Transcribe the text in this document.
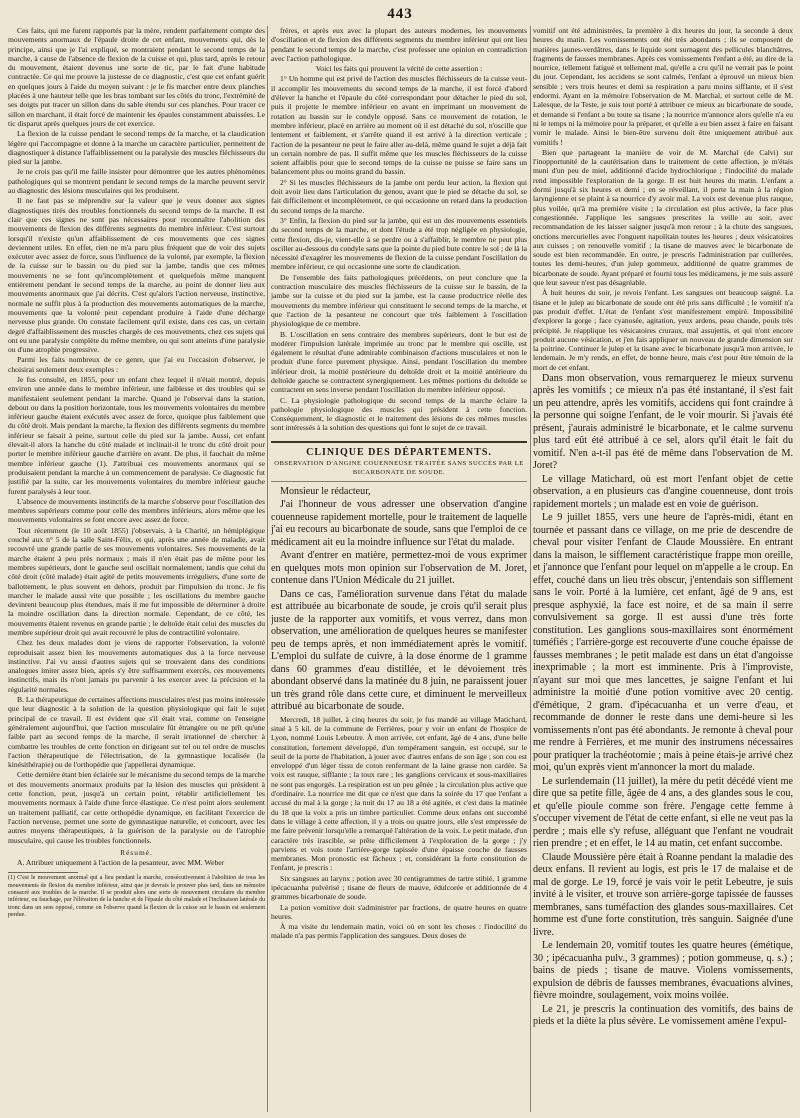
443

Ces faits, qui me furent rapportés par la mère, rendent parfaitement compte des mouvements anormaux de l'épaule droite de cet enfant, mouvements qui, dès le principe, ainsi que je l'ai expliqué, se montraient pendant le second temps de la marche, à cause de l'absence de flexion de la cuisse et qui, plus tard, après le retour du mouvement, étaient devenus une sorte de tic, par le fait d'une habitude contractée. Ce qui me prouve la justesse de ce diagnostic, c'est que cet enfant guérit en quelques jours à l'aide du moyen suivant : je le fis marcher entre deux planches placées à une hauteur telle que les bras tombant sur les côtés du tronc, l'extrémité de ses doigts put tracer un sillon dans du sable étendu sur ces planches. Pour tracer ce sillon en marchant, il était forcé de maintenir les épaules constamment abaissées. Le tic disparut après quelques jours de cet exercice.

La flexion de la cuisse pendant le second temps de la marche, et la claudication légère qui l'accompagne et donne à la marche un caractère particulier, permettent de diagnostiquer à distance l'affaiblissement ou la paralysie des muscles fléchisseurs du pied sur la jambe.

Je ne crois pas qu'il me faille insister pour démontrer que les autres phénomènes pathologiques qui se montrent pendant le second temps de la marche peuvent servir au diagnostic des lésions musculaires qui les produisent.

Il ne faut pas se méprendre sur la valeur que je veux donner aux signes diagnostiques tirés des troubles fonctionnels du second temps de la marche. Il est clair que ces signes ne sont pas nécessaires pour reconnaître l'abolition des mouvements de flexion des différents segments du membre inférieur. C'est surtout lorsqu'il n'existe qu'un affaiblissement de ces mouvements que ces signes deviennent utiles. En effet, rien ne m'a paru plus fréquent que de voir des sujets exécuter avec assez de force, sous l'influence de la volonté, par exemple, la flexion de la cuisse sur le bassin ou du pied sur la jambe, tandis que ces mêmes mouvements ne se font qu'incomplètement et quelquefois même manquent entièrement pendant le second temps de la marche, au point de donner lieu aux mouvements anormaux que j'ai décrits. C'est qu'alors l'action nerveuse, instinctive, normale ne suffit plus à la production des mouvements automatiques de la marche, mouvements que la volonté peut cependant produire à l'aide d'une décharge nerveuse plus grande. On constate facilement qu'il existe, dans ces cas, un certain degré d'affaiblissement des muscles chargés de ces mouvements, chez ces sujets qui ont eu une paralysie complète du même membre, ou qui sont atteints d'une paralysie ou d'une atrophie progressive.

Parmi les faits nombreux de ce genre, que j'ai eu l'occasion d'observer, je choisirai seulement deux exemples :

Je fus consulté, en 1855, pour un enfant chez lequel il n'était montré, depuis environ une année dans le membre inférieur, une faiblesse et des troubles qui se manifestaient seulement pendant la marche. Quand je l'observai dans la station, debout ou dans la position horizontale, tous les mouvements volontaires du membre inférieur gauche étaient exécutés avec assez de force, quoique plus faiblement que du côté droit. Mais pendant la marche, la flexion des différents segments du membre inférieur se faisait à peine, surtout celle du pied sur la jambe. Aussi, cet enfant élevait-il alors la hanche du côté malade et inclinait-il le tronc du côté droit pour porter le membre inférieur gauche d'arrière en avant. De plus, il fauchait du même membre inférieur gauche (1). J'attribuai ces mouvements anormaux qui se produisaient pendant la marche à un commencement de paralysie. Ce diagnostic fut justifié par la suite, car les mouvements volontaires du membre inférieur gauche furent paralysés à leur tour.

L'absence de mouvements instinctifs de la marche s'observe pour l'oscillation des membres supérieurs comme pour celle des membres inférieurs, alors même que les mouvements volontaires se font encore avec assez de force.

Tout récemment (le 10 août 1855) j'observais, à la Charité, un hémiplégique couché aux n° 5 de la salle Saint-Félix, et qui, après une année de maladie, avait recouvré une grande partie de ses mouvements volontaires. Ses mouvements de la marche étaient à peu près normaux ; mais il n'en était pas de même pour les membres supérieurs, dont le gauche seul oscillait normalement, tandis que celui du côté droit (côté malade) était agité de petits mouvements irréguliers, d'une sorte de ballottement, le plus souvent en dehors, produit par l'impulsion du tronc. Je fis marcher le malade aussi vite que possible ; les oscillations du membre gauche devinrent beaucoup plus étendues, mais il me fut impossible de déterminer à droite la moindre oscillation dans la direction normale. Cependant, de ce côté, les mouvements étaient revenus en grande partie ; le deltoïde était celui des muscles du membre supérieur droit qui avait recouvré le plus de contractilité volontaire.

Chez les deux malades dont je viens de rapporter l'observation, la volonté reproduisait assez bien les mouvements automatiques dus à la force nerveuse instinctive. J'ai vu aussi d'autres sujets qui se trouvaient dans des conditions analogues imiter assez bien, après s'y être suffisamment exercés, ces mouvements instinctifs, mais ils n'ont jamais pu parvenir à les exercer avec la précision et la régularité normales.

B. La thérapeutique de certaines affections musculaires n'est pas moins intéressée que leur diagnostic à la solution de la question physiologique qui fait le sujet principal de ce travail. Il est évident que s'il était vrai, comme on l'enseigne généralement aujourd'hui, que l'action musculaire fût étrangère ou ne prît qu'une faible part au second temps de la marche, il serait irrationnel de chercher à combattre les troubles de cette fonction en dirigeant sur tel ou tel ordre de muscles l'action thérapeutique de l'électrisation, de la gymnastique localisée (la kinésithérapie) ou de l'orthopédie que j'appellerai dynamique.

Cette dernière étant bien éclairée sur le mécanisme du second temps de la marche et des mouvements anormaux produits par la lésion des muscles qui président à cette fonction, peut, jusqu'à un certain point, rétablir artificiellement les mouvements normaux à l'aide d'une force élastique. Ce n'est point alors seulement un traitement palliatif, car cette orthopédie dynamique, en facilitant l'exercice de l'action nerveuse, permet une sorte de gymnastique naturelle, et concourt, avec les autres moyens thérapeutiques, à la guérison de la paralysie ou de l'atrophie musculaire, qui cause les troubles fonctionnels.

Résumé.

A. Attribuer uniquement à l'action de la pesanteur, avec MM. Weber

(1) C'est le mouvement anormal qui a lieu pendant la marche, consécutivement à l'abolition de tous les mouvements de flexion du membre inférieur, ainsi que je devrais le prouver plus tard, dans un mémoire consacré aux troubles de la marche. Il se produit alors une sorte de mouvement circulaire du membre inférieur, ou fauchage, par l'élévation de la hanche et de l'épaule du côté malade et l'inclinaison latérale du tronc dans un sens opposé, comme on l'observe quand la flexion de la cuisse sur le bassin est seulement perdue.

frères, et après eux avec la plupart des auteurs modernes, les mouvements d'oscillation et de flexion des différents segments du membre inférieur qui ont lieu pendant le second temps de la marche, c'est professer une opinion en contradiction avec l'action pathologique.

Voici les faits qui prouvent la vérité de cette assertion :

1° Un homme qui est privé de l'action des muscles fléchisseurs de la cuisse veut-il accomplir les mouvements du second temps de la marche, il est forcé d'abord d'élever la hanche et l'épaule du côté correspondant pour détacher le pied du sol, puis il projette le membre inférieur en avant en imprimant un mouvement de rotation au bassin sur le condyle opposé. Sans ce mouvement de rotation, le membre inférieur, placé en arrière au moment où il est détaché du sol, n'oscille que lentement et faiblement, et s'arrête quand il est arrivé à la direction verticale ; l'action de la pesanteur ne peut le faire aller au-delà, même quand le sujet a déjà fait un certain nombre de pas. Il suffit même que les muscles fléchisseurs de la cuisse soient affaiblis pour que le second temps de la cuisse ne puisse se faire sans un balancement plus ou moins grand du bassin.

2° Si les muscles fléchisseurs de la jambe ont perdu leur action, la flexion qui doit avoir lieu dans l'articulation du genou, avant que le pied se détache du sol, se fait difficilement et incomplètement, ce qui occasionne un retard dans la production du second temps de la marche.

3° Enfin, la flexion du pied sur la jambe, qui est un des mouvements essentiels du second temps de la marche, et dont l'étude a été trop négligée en physiologie, cette flexion, dis-je, vient-elle à se perdre ou à s'affaiblir, le membre ne peut plus osciller au-dessous du condyle sans que la pointe du pied bute contre le sol ; de là la nécessité d'exagérer les mouvements de flexion de la cuisse pendant l'oscillation du membre inférieur, ce qui occasionne une sorte de claudication.

De l'ensemble des faits pathologiques précédents, on peut conclure que la contraction musculaire des muscles fléchisseurs de la cuisse sur le bassin, de la jambe sur la cuisse et du pied sur la jambe, est la cause productrice réelle des mouvements du membre inférieur qui constituent le second temps de la marche, et que l'action de la pesanteur ne concourt que très faiblement à l'oscillation physiologique de ce membre.

B. L'oscillation en sens contraire des membres supérieurs, dont le but est de modérer l'impulsion latérale imprimée au tronc par le membre qui oscille, est également le résultat d'une admirable combinaison d'actions musculaires et non le produit d'une force purement physique. Ainsi, pendant l'oscillation du membre inférieur droit, la moitié postérieure du deltoïde droit et la moitié antérieure du deltoïde gauche se contractent synergiquement. Les mêmes portions du deltoïde se contractent en sens inverse pendant l'oscillation du membre inférieur opposé.

C. La physiologie pathologique du second temps de la marche éclaire la pathologie physiologique des muscles qui président à cette fonction. Conséquemment, le diagnostic et le traitement des lésions de ces mêmes muscles sont intéressés à la solution des questions qui font le sujet de ce travail.

CLINIQUE DES DÉPARTEMENTS.
OBSERVATION D'ANGINE COUENNEUSE TRAITÉE SANS SUCCÈS PAR LE BICARBONATE DE SOUDE.

Monsieur le rédacteur,

J'ai l'honneur de vous adresser une observation d'angine couenneuse rapidement mortelle, pour le traitement de laquelle j'ai eu recours au bicarbonate de soude, sans que l'emploi de ce médicament ait eu la moindre influence sur l'état du malade.

Avant d'entrer en matière, permettez-moi de vous exprimer en quelques mots mon opinion sur l'observation de M. Joret, contenue dans l'Union Médicale du 21 juillet.

Dans ce cas, l'amélioration survenue dans l'état du malade est attribuée au bicarbonate de soude, je crois qu'il serait plus juste de la rapporter aux vomitifs, et vous verrez, dans mon observation, une amélioration de quelques heures se manifester peu de temps après, et non immédiatement après le vomitif. L'emploi du sulfate de cuivre, à la dose énorme de 1 gramme dans 60 grammes d'eau distillée, et le dévoiement très abondant observé dans la matinée du 8 juin, ne paraissent jouer un très grand rôle dans cette cure, et diminuent le merveilleux attribué au bicarbonate de soude.

Mercredi, 18 juillet, à cinq heures du soir, je fus mandé au village Matichard, situé à 5 kil. de la commune de Ferrières, pour y voir un enfant de l'hospice de Lyon, nommé Louis Lebeutre. À mon arrivée, cet enfant, âgé de 4 ans, d'une belle constitution, fortement développé, d'un tempérament sanguin, est occupé, sur le seuil de la porte de l'habitation, à jouer avec d'autres enfans de son âge ; son cou est enveloppé d'un léger tissu de coton renfermant de la laine grasse non cardée. Sa voix est rauque, sifflante ; la toux rare ; les ganglions cervicaux et sous-maxillaires ne sont pas engorgés. La respiration est un peu gênée ; la circulation plus active que d'ordinaire. La nourrice me dit que ce n'est que dans la soirée du 17 que l'enfant a accusé du mal à la gorge ; la nuit du 17 au 18 a été agitée, et c'est dans la matinée du 18 que la voix a pris un timbre particulier. Comme deux enfans ont succombé dans le village à cette affection, il y a trois ou quatre jours, elle s'est empressée de me faire prévenir lorsqu'elle a remarqué l'altération de la voix. Le petit malade, d'un caractère très irascible, se prête difficilement à l'exploration de la gorge ; j'y parviens et vois toute l'arrière-gorge tapissée d'une épaisse couche de fausses membranes. Mon pronostic est fâcheux ; et, considérant la forte constitution de l'enfant, je prescris :

Six sangsues au larynx ; potion avec 30 centigrammes de tartre stibié, 1 gramme ipécacuanha pulvérisé ; tisane de fleurs de mauve, édulcorée et additionnée de 4 grammes bicarbonate de soude.

La potion vomitive doit s'administrer par fractions, de quatre heures en quatre heures.

À ma visite du lendemain matin, voici où en sont les choses : l'indocilité du malade n'a pas permis l'application des sangsues. Deux doses de

vomitif ont été administrées, la première à dix heures du jour, la seconde à deux heures du matin. Les vomissements ont été très abondants ; ils se composent de matières jaunes-verdâtres, dans le liquide sont surnagent des pellicules blanchâtres, fragments de fausses membranes. Après ces vomissements l'enfant a été, au dire de la nourrice, tellement fatigué et tellement mal, qu'elle a cru qu'il ne verrait pas le point du jour. Cependant, les accidens se sont calmés, l'enfant a éprouvé un mieux bien sensible ; vers trois heures et demi sa respiration a paru moins sifflante, et il s'est endormi. Ayant en la mémoire l'observation de M. Marchal, et surtout celle de M. Lalesque, de la Teste, je suis tout porté à attribuer ce mieux au bicarbonate de soude, et demande si l'enfant a bu toute sa tisane ; la nourrice m'annonce alors qu'elle n'a eu ni le temps ni la mémoire pour la préparer, et qu'elle a eu bien assez à faire en faisant vomir le malade. Ainsi le bien-être survenu doit être uniquement attribué aux vomitifs !

Bien que partageant la manière de voir de M. Marchal (de Calvi) sur l'inopportunité de la cautérisation dans le traitement de cette affection, je m'étais muni d'un peu de miel, additionné d'acide hydrochlorique ; l'indocilité du malade rend impossible l'exploration de la gorge. Il est huit heures du matin. L'enfant a dormi jusqu'à six heures et demi ; en se réveillant, il porte la main à la région laryngienne et se plaint à sa nourrice d'y avoir mal. La voix est devenue plus rauque, plus voilée, qu'à ma première visite ; la circulation est plus activée, la face plus congestionnée. J'applique les sangsues prescrites la veille au soir, avec recommandation de les laisser saigner jusqu'à mon retour ; à la chute des sangsues, onctions mercurielles avec l'onguent napolitain toutes les heures ; deux vésicatoires aux cuisses ; on renouvelle vomitif ; la tisane de mauves avec le bicarbonate de soude est bien recommandée. En outre, je prescris l'administration par cuillerées, toutes les demi-heures, d'un julep gommeux, additionné de quatre grammes de bicarbonate de soude. Ayant préparé et fourni tous les médicamens, je me suis assuré que leur saveur n'est pas désagréable.

À huit heures du soir, je revois l'enfant. Les sangsues ont beaucoup saigné. La tisane et le julep au bicarbonate de soude ont été pris sans difficulté ; le vomitif n'a pas produit d'effet. L'état de l'enfant s'est manifestement empiré. Impossibilité d'explorer la gorge ; face cyanosée, agitation, yeux ardens, peau chaude, pouls très précipité. Je réapplique les vésicatoires cruraux, mal assujettis, et qui n'ont encore produit aucune vésication, et j'en fais appliquer un nouveau de grande dimension sur la poitrine. Continuer le julep et la tisane avec le bicarbonate jusqu'à mon arrivée, le lendemain. Je m'y rends, en effet, de bonne heure, mais c'est pour être témoin de la mort de cet enfant.

Dans mon observation, vous remarquerez le mieux survenu après les vomitifs ; ce mieux n'a pas été instantané, il s'est fait un peu attendre, après les vomitifs, accidens qui font craindre à la personne qui soigne l'enfant, de le voir mourir. Si j'avais été présent, j'aurais administré le bicarbonate, et le calme survenu plus tard eût été attribué à ce sel, alors qu'il était le fait du vomitif. N'en a-t-il pas été de même dans l'observation de M. Joret?

Le village Matichard, où est mort l'enfant objet de cette observation, a en plusieurs cas d'angine couenneuse, dont trois rapidement mortels ; un malade est en voie de guérison.

Le 9 juillet 1855, vers une heure de l'après-midi, étant en tournée et passant dans ce village, on me prie de descendre de cheval pour visiter l'enfant de Claude Moussière. En entrant dans la maison, le sifflement caractéristique frappe mon oreille, et j'annonce que l'enfant pour lequel on m'appelle a le croup. En effet, couché dans un lieu très obscur, j'entendais son sifflement sans le voir. Porté à la lumière, cet enfant, âgé de 9 ans, est presque asphyxié, la face est noire, et de sa main il serre convulsivement sa gorge. Il est aussi d'une très forte constitution. Les ganglions sous-maxillaires sont énormément tuméfiés ; l'arrière-gorge est recouverte d'une couche épaisse de fausses membranes ; le petit malade est dans un état d'angoisse inexprimable ; la mort est imminente. Pris à l'improviste, n'ayant sur moi que mes lancettes, je saigne l'enfant et lui administre la moitié d'une potion vomitive avec 20 centig. d'émétique, 2 gram. d'ipécacuanha et un verre d'eau, et recommande de donner le reste dans une demi-heure si les vomissements n'ont pas été abondants. Je remonte à cheval pour me rendre à Ferrières, et me munir des instrumens nécessaires pour pratiquer la trachéotomie ; mais à peine étais-je arrivé chez moi, qu'un exprès vient m'annoncer la mort du malade.

Le surlendemain (11 juillet), la mère du petit décédé vient me dire que sa petite fille, âgée de 4 ans, a des glandes sous le cou, et qu'elle pioule comme son frère. J'engage cette femme à s'occuper vivement de l'état de cette enfant, si elle ne veut pas la perdre ; mais elle s'y refuse, alléguant que l'enfant ne voudrait rien prendre ; et en effet, le 14 au matin, cet enfant succombe.

Claude Moussière père était à Roanne pendant la maladie des deux enfans. Il revient au logis, est pris le 17 de malaise et de mal de gorge. Le 19, forcé je vais voir le petit Lebeutre, je suis invité à le visiter, et trouve son arrière-gorge tapissée de fausses membranes, sans tuméfaction des glandes sous-maxillaires. Cet homme est d'une forte constitution, très sanguin. Saignée d'une livre.

Le lendemain 20, vomitif toutes les quatre heures (émétique, 30 ; ipécacuanha pulv., 3 grammes) ; potion gommeuse, q. s.) ; bains de pieds ; tisane de mauve. Violens vomissements, expulsion de débris de fausses membranes, évacuations alvines, fièvre moindre, soulagement, voix moins voilée.

Le 21, je prescris la continuation des vomitifs, des bains de pieds et la diète la plus sévère. Le vomissement amène l'expul-
